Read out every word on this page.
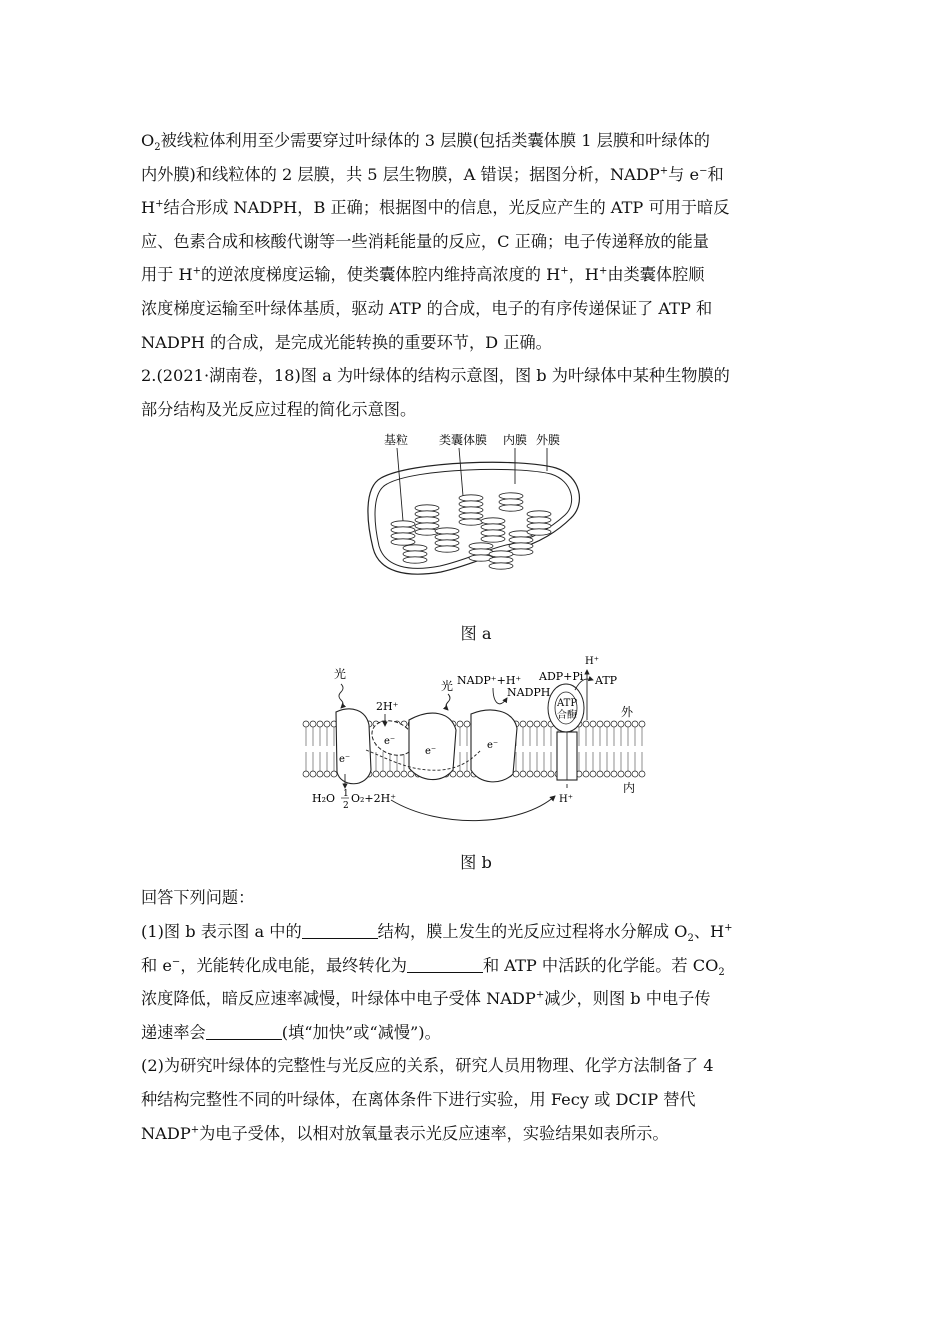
$O_2$被线粒体利用至少需要穿过叶绿体的 3 层膜(包括类囊体膜 1 层膜和叶绿体的
内外膜)和线粒体的 2 层膜，共 5 层生物膜，A 错误；据图分析，NADP+与 e−和
H+结合形成 NADPH，B 正确；根据图中的信息，光反应产生的 ATP 可用于暗反
应、色素合成和核酸代谢等一些消耗能量的反应，C 正确；电子传递释放的能量
用于 H+的逆浓度梯度运输，使类囊体腔内维持高浓度的 H+，H+由类囊体腔顺
浓度梯度运输至叶绿体基质，驱动 ATP 的合成，电子的有序传递保证了 ATP 和
NADPH 的合成，是完成光能转换的重要环节，D 正确。

2.(2021·湖南卷，18)图 a 为叶绿体的结构示意图，图 b 为叶绿体中某种生物膜的
部分结构及光反应过程的简化示意图。

基粒	类囊体膜 内膜 外膜
图 a
光
2H⁺
光 NADP⁺+H⁺
NADPH
ADP+Pi ATP
H⁺
ATP
合酶	外
内
e⁻
e⁻
e⁻
e⁻
H₂O 1
2
O₂+2H⁺	H⁺
图 b

回答下列问题：

(1)图 b 表示图 a 中的	结构，膜上发生的光反应过程将水分解成 $O_2$、H+
和 e−，光能转化成电能，最终转化为	和 ATP 中活跃的化学能。若 $CO_2$
浓度降低，暗反应速率减慢，叶绿体中电子受体 NADP+减少，则图 b 中电子传
递速率会	(填“加快”或“减慢”)。

(2)为研究叶绿体的完整性与光反应的关系，研究人员用物理、化学方法制备了 4
种结构完整性不同的叶绿体，在离体条件下进行实验，用 Fecy 或 DCIP 替代
NADP+为电子受体，以相对放氧量表示光反应速率，实验结果如表所示。
